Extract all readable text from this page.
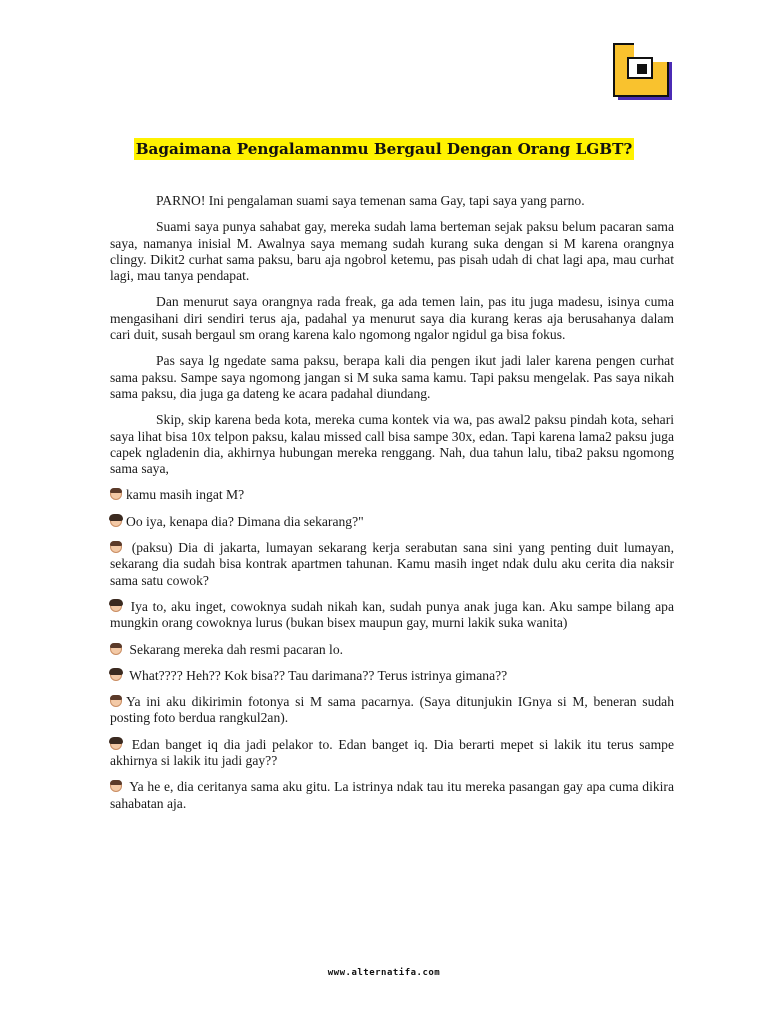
Bagaimana Pengalamanmu Bergaul Dengan Orang LGBT?

PARNO! Ini pengalaman suami saya temenan sama Gay, tapi saya yang parno.

Suami saya punya sahabat gay, mereka sudah lama berteman sejak paksu belum pacaran sama saya, namanya inisial M. Awalnya saya memang sudah kurang suka dengan si M karena orangnya clingy. Dikit2 curhat sama paksu, baru aja ngobrol ketemu, pas pisah udah di chat lagi apa, mau curhat lagi, mau tanya pendapat.

Dan menurut saya orangnya rada freak, ga ada temen lain, pas itu juga madesu, isinya cuma mengasihani diri sendiri terus aja, padahal ya menurut saya dia kurang keras aja berusahanya dalam cari duit, susah bergaul sm orang karena kalo ngomong ngalor ngidul ga bisa fokus.

Pas saya lg ngedate sama paksu, berapa kali dia pengen ikut jadi laler karena pengen curhat sama paksu. Sampe saya ngomong jangan si M suka sama kamu. Tapi paksu mengelak. Pas saya nikah sama paksu, dia juga ga dateng ke acara padahal diundang.

Skip, skip karena beda kota, mereka cuma kontek via wa, pas awal2 paksu pindah kota, sehari saya lihat bisa 10x telpon paksu, kalau missed call bisa sampe 30x, edan. Tapi karena lama2 paksu juga capek ngladenin dia, akhirnya hubungan mereka renggang. Nah, dua tahun lalu, tiba2 paksu ngomong sama saya,

kamu masih ingat M?

Oo iya, kenapa dia? Dimana dia sekarang?"

(paksu) Dia di jakarta, lumayan sekarang kerja serabutan sana sini yang penting duit lumayan, sekarang dia sudah bisa kontrak apartmen tahunan. Kamu masih inget ndak dulu aku cerita dia naksir sama satu cowok?

Iya to, aku inget, cowoknya sudah nikah kan, sudah punya anak juga kan. Aku sampe bilang apa mungkin orang cowoknya lurus (bukan bisex maupun gay, murni lakik suka wanita)

Sekarang mereka dah resmi pacaran lo.

What???? Heh?? Kok bisa?? Tau darimana?? Terus istrinya gimana??

Ya ini aku dikirimin fotonya si M sama pacarnya. (Saya ditunjukin IGnya si M, beneran sudah posting foto berdua rangkul2an).

Edan banget iq dia jadi pelakor to. Edan banget iq. Dia berarti mepet si lakik itu terus sampe akhirnya si lakik itu jadi gay??

Ya he e, dia ceritanya sama aku gitu. La istrinya ndak tau itu mereka pasangan gay apa cuma dikira sahabatan aja.

www.alternatifa.com
